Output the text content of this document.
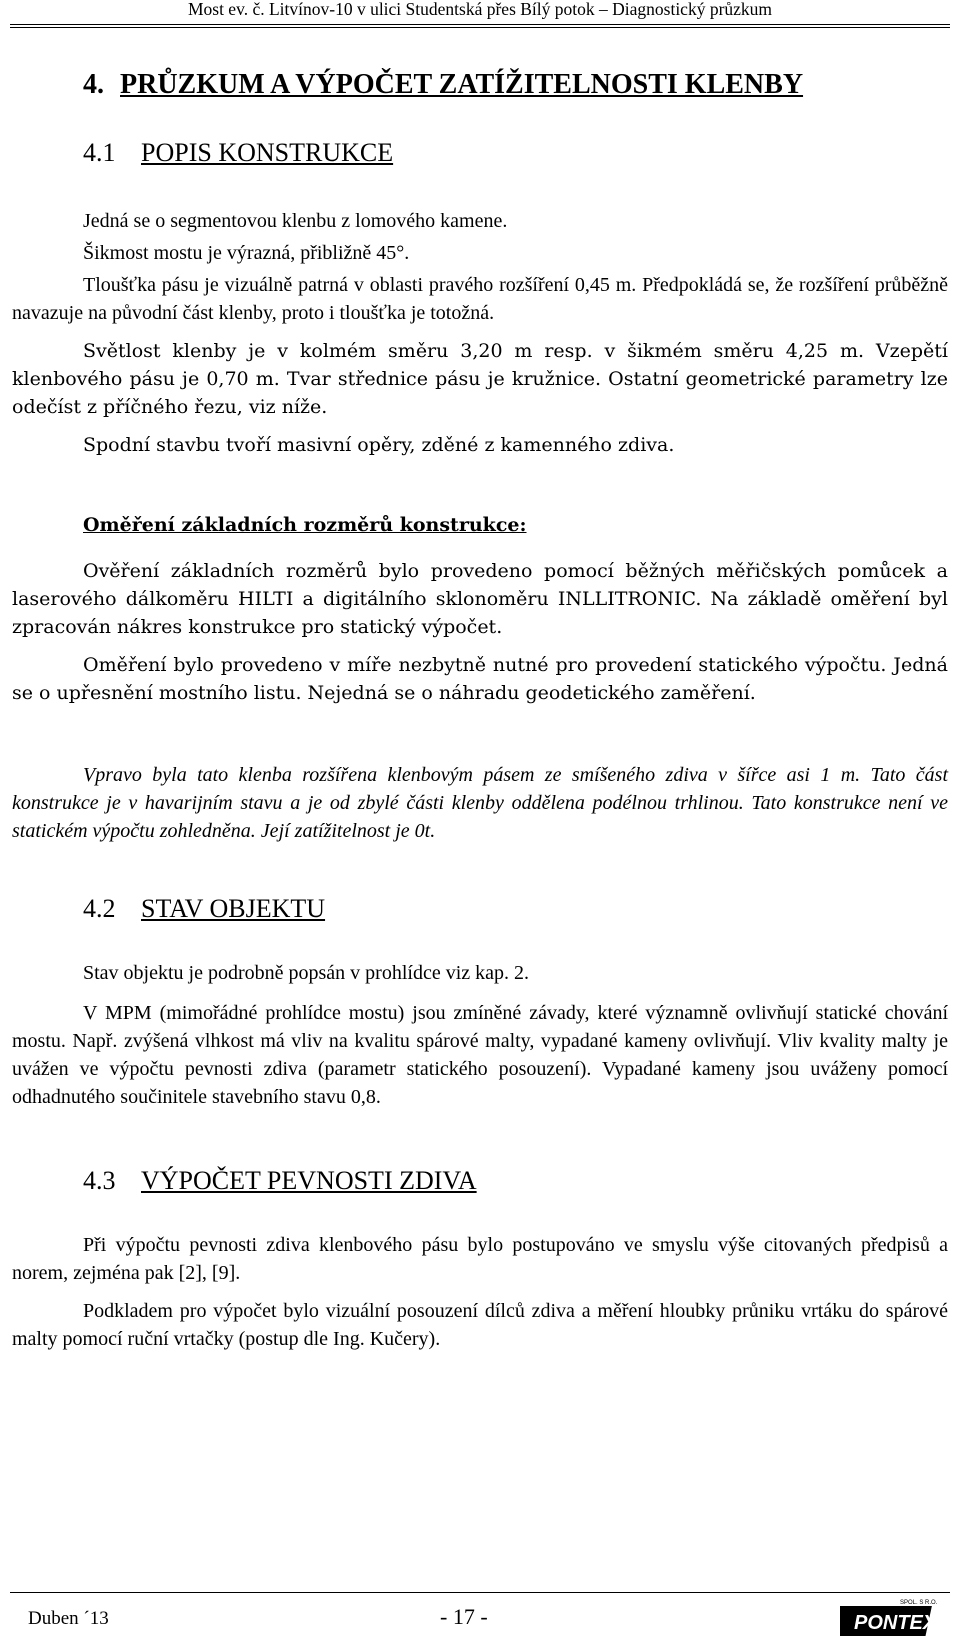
Most ev. č. Litvínov-10 v ulici Studentská přes Bílý potok – Diagnostický průzkum
4. PRŮZKUM A VÝPOČET ZATÍŽITELNOSTI KLENBY
4.1 POPIS KONSTRUKCE

Jedná se o segmentovou klenbu z lomového kamene.

Šikmost mostu je výrazná, přibližně 45°.

Tloušťka pásu je vizuálně patrná v oblasti pravého rozšíření 0,45 m. Předpokládá se, že rozšíření průběžně navazuje na původní část klenby, proto i tloušťka je totožná.

Světlost klenby je v kolmém směru 3,20 m resp. v šikmém směru 4,25 m. Vzepětí klenbového pásu je 0,70 m. Tvar střednice pásu je kružnice. Ostatní geometrické parametry lze odečíst z příčného řezu, viz níže.

Spodní stavbu tvoří masivní opěry, zděné z kamenného zdiva.

Oměření základních rozměrů konstrukce:

Ověření základních rozměrů bylo provedeno pomocí běžných měřičských pomůcek a laserového dálkoměru HILTI a digitálního sklonoměru INLLITRONIC. Na základě oměření byl zpracován nákres konstrukce pro statický výpočet.

Oměření bylo provedeno v míře nezbytně nutné pro provedení statického výpočtu. Jedná se o upřesnění mostního listu. Nejedná se o náhradu geodetického zaměření.

Vpravo byla tato klenba rozšířena klenbovým pásem ze smíšeného zdiva v šířce asi 1 m. Tato část konstrukce je v havarijním stavu a je od zbylé části klenby oddělena podélnou trhlinou. Tato konstrukce není ve statickém výpočtu zohledněna. Její zatížitelnost je 0t.

4.2 STAV OBJEKTU

Stav objektu je podrobně popsán v prohlídce viz kap. 2.

V MPM (mimořádné prohlídce mostu) jsou zmíněné závady, které významně ovlivňují statické chování mostu. Např. zvýšená vlhkost má vliv na kvalitu spárové malty, vypadané kameny ovlivňují. Vliv kvality malty je uvážen ve výpočtu pevnosti zdiva (parametr statického posouzení). Vypadané kameny jsou uváženy pomocí odhadnutého součinitele stavebního stavu 0,8.

4.3 VÝPOČET PEVNOSTI ZDIVA

Při výpočtu pevnosti zdiva klenbového pásu bylo postupováno ve smyslu výše citovaných předpisů a norem, zejména pak [2], [9].

Podkladem pro výpočet bylo vizuální posouzení dílců zdiva a měření hloubky průniku vrtáku do spárové malty pomocí ruční vrtačky (postup dle Ing. Kučery).

Duben ´13	- 17 -	PONTEX
SPOL. S R.O.
